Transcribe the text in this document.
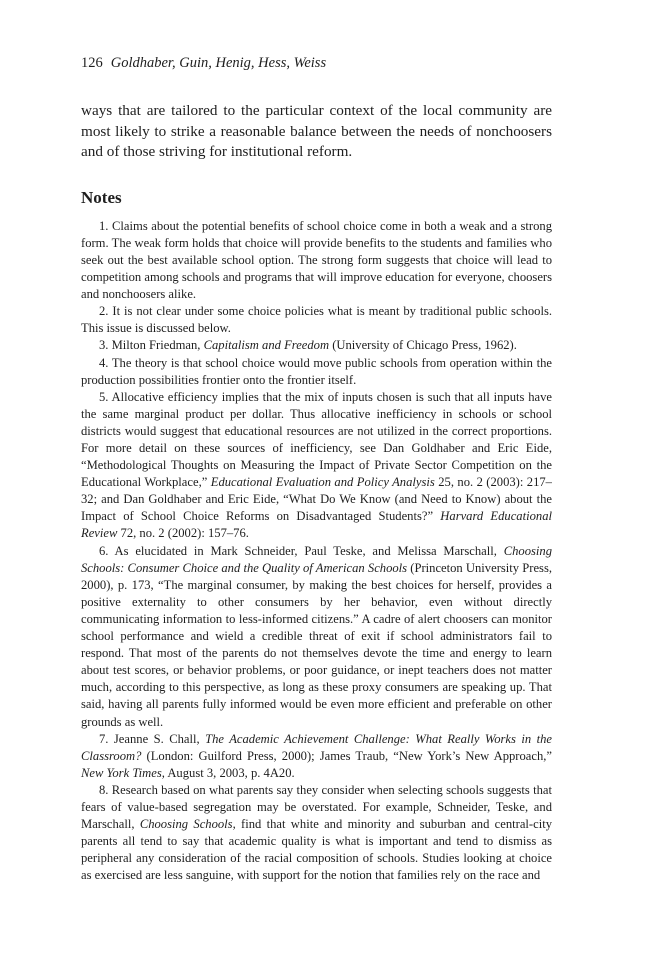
126 Goldhaber, Guin, Henig, Hess, Weiss

ways that are tailored to the particular context of the local community are most likely to strike a reasonable balance between the needs of nonchoosers and of those striving for institutional reform.

Notes

1. Claims about the potential benefits of school choice come in both a weak and a strong form. The weak form holds that choice will provide benefits to the students and families who seek out the best available school option. The strong form suggests that choice will lead to competition among schools and programs that will improve education for everyone, choosers and nonchoosers alike.

2. It is not clear under some choice policies what is meant by traditional public schools. This issue is discussed below.

3. Milton Friedman, Capitalism and Freedom (University of Chicago Press, 1962).

4. The theory is that school choice would move public schools from operation within the production possibilities frontier onto the frontier itself.

5. Allocative efficiency implies that the mix of inputs chosen is such that all inputs have the same marginal product per dollar. Thus allocative inefficiency in schools or school districts would suggest that educational resources are not utilized in the correct proportions. For more detail on these sources of inefficiency, see Dan Goldhaber and Eric Eide, “Methodological Thoughts on Measuring the Impact of Private Sector Competition on the Educational Workplace,” Educational Evaluation and Policy Analysis 25, no. 2 (2003): 217–32; and Dan Goldhaber and Eric Eide, “What Do We Know (and Need to Know) about the Impact of School Choice Reforms on Disadvantaged Students?” Harvard Educational Review 72, no. 2 (2002): 157–76.

6. As elucidated in Mark Schneider, Paul Teske, and Melissa Marschall, Choosing Schools: Consumer Choice and the Quality of American Schools (Princeton University Press, 2000), p. 173, “The marginal consumer, by making the best choices for herself, provides a positive externality to other consumers by her behavior, even without directly communicating information to less-informed citizens.” A cadre of alert choosers can monitor school performance and wield a credible threat of exit if school administrators fail to respond. That most of the parents do not themselves devote the time and energy to learn about test scores, or behavior problems, or poor guidance, or inept teachers does not matter much, according to this perspective, as long as these proxy consumers are speaking up. That said, having all parents fully informed would be even more efficient and preferable on other grounds as well.

7. Jeanne S. Chall, The Academic Achievement Challenge: What Really Works in the Classroom? (London: Guilford Press, 2000); James Traub, “New York’s New Approach,” New York Times, August 3, 2003, p. 4A20.

8. Research based on what parents say they consider when selecting schools suggests that fears of value-based segregation may be overstated. For example, Schneider, Teske, and Marschall, Choosing Schools, find that white and minority and suburban and central-city parents all tend to say that academic quality is what is important and tend to dismiss as peripheral any consideration of the racial composition of schools. Studies looking at choice as exercised are less sanguine, with support for the notion that families rely on the race and
